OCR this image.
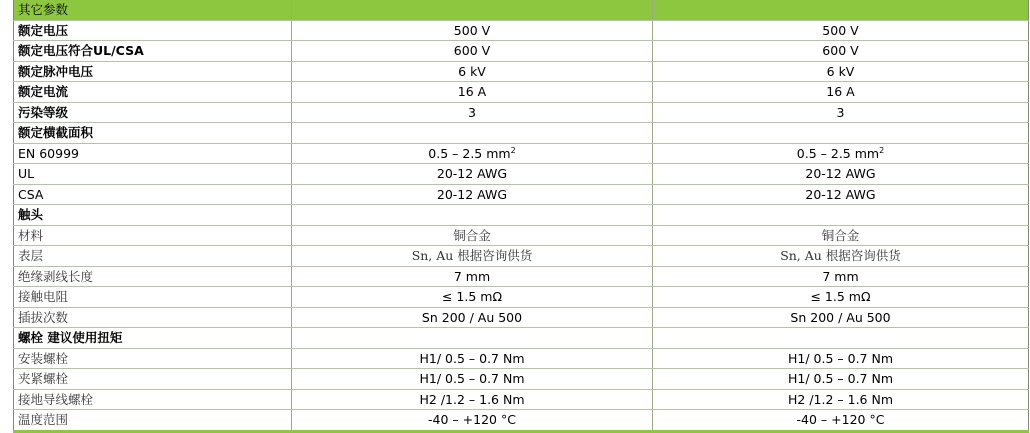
其它参数		
额定电压	500 V	500 V
额定电压符合UL/CSA	600 V	600 V
额定脉冲电压	6 kV	6 kV
额定电流	16 A	16 A
污染等级	3	3
额定横截面积		
EN 60999	0.5 – 2.5 $mm^2$	0.5 – 2.5 $mm^2$
UL	20-12 AWG	20-12 AWG
CSA	20-12 AWG	20-12 AWG
触头		
材料	铜合金	铜合金
表层	Sn, Au 根据咨询供货	Sn, Au 根据咨询供货
绝缘剥线长度	7 mm	7 mm
接触电阻	≤ 1.5 mΩ	≤ 1.5 mΩ
插拔次数	Sn 200 / Au 500	Sn 200 / Au 500
螺栓 建议使用扭矩		
安装螺栓	H1/ 0.5 – 0.7 Nm	H1/ 0.5 – 0.7 Nm
夹紧螺栓	H1/ 0.5 – 0.7 Nm	H1/ 0.5 – 0.7 Nm
接地导线螺栓	H2 /1.2 – 1.6 Nm	H2 /1.2 – 1.6 Nm
温度范围	-40 – +120 °C	-40 – +120 °C
